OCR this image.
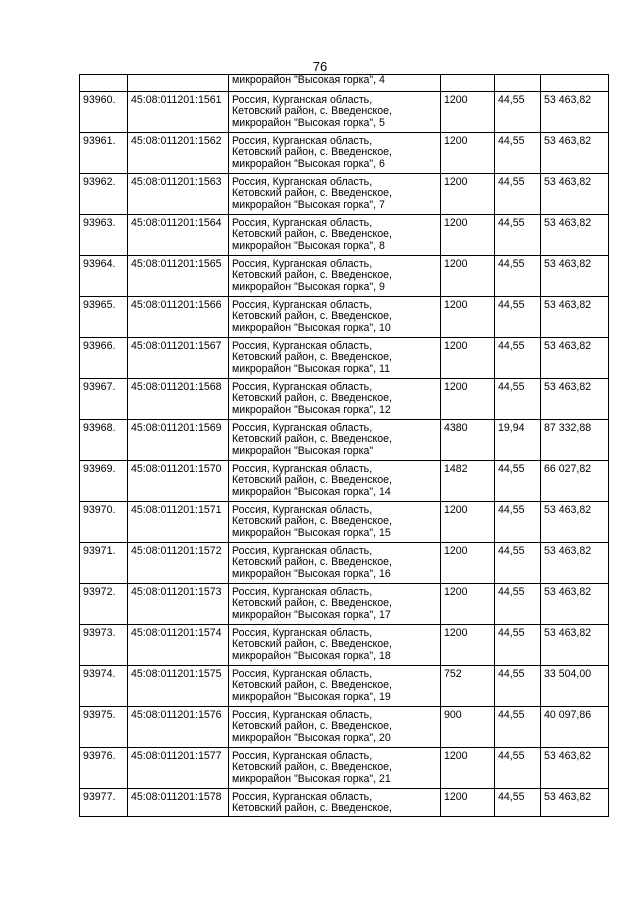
76

		микрорайон "Высокая горка", 4			

93960.	45:08:011201:1561	Россия, Курганская область,
Кетовский район, с. Введенское,
микрорайон "Высокая горка", 5	1200	44,55	53 463,82
93961.	45:08:011201:1562	Россия, Курганская область,
Кетовский район, с. Введенское,
микрорайон "Высокая горка", 6	1200	44,55	53 463,82
93962.	45:08:011201:1563	Россия, Курганская область,
Кетовский район, с. Введенское,
микрорайон "Высокая горка", 7	1200	44,55	53 463,82
93963.	45:08:011201:1564	Россия, Курганская область,
Кетовский район, с. Введенское,
микрорайон "Высокая горка", 8	1200	44,55	53 463,82
93964.	45:08:011201:1565	Россия, Курганская область,
Кетовский район, с. Введенское,
микрорайон "Высокая горка", 9	1200	44,55	53 463,82
93965.	45:08:011201:1566	Россия, Курганская область,
Кетовский район, с. Введенское,
микрорайон "Высокая горка", 10	1200	44,55	53 463,82
93966.	45:08:011201:1567	Россия, Курганская область,
Кетовский район, с. Введенское,
микрорайон "Высокая горка", 11	1200	44,55	53 463,82
93967.	45:08:011201:1568	Россия, Курганская область,
Кетовский район, с. Введенское,
микрорайон "Высокая горка", 12	1200	44,55	53 463,82
93968.	45:08:011201:1569	Россия, Курганская область,
Кетовский район, с. Введенское,
микрорайон "Высокая горка"	4380	19,94	87 332,88
93969.	45:08:011201:1570	Россия, Курганская область,
Кетовский район, с. Введенское,
микрорайон "Высокая горка", 14	1482	44,55	66 027,82
93970.	45:08:011201:1571	Россия, Курганская область,
Кетовский район, с. Введенское,
микрорайон "Высокая горка", 15	1200	44,55	53 463,82
93971.	45:08:011201:1572	Россия, Курганская область,
Кетовский район, с. Введенское,
микрорайон "Высокая горка", 16	1200	44,55	53 463,82
93972.	45:08:011201:1573	Россия, Курганская область,
Кетовский район, с. Введенское,
микрорайон "Высокая горка", 17	1200	44,55	53 463,82
93973.	45:08:011201:1574	Россия, Курганская область,
Кетовский район, с. Введенское,
микрорайон "Высокая горка", 18	1200	44,55	53 463,82
93974.	45:08:011201:1575	Россия, Курганская область,
Кетовский район, с. Введенское,
микрорайон "Высокая горка", 19	752	44,55	33 504,00
93975.	45:08:011201:1576	Россия, Курганская область,
Кетовский район, с. Введенское,
микрорайон "Высокая горка", 20	900	44,55	40 097,86
93976.	45:08:011201:1577	Россия, Курганская область,
Кетовский район, с. Введенское,
микрорайон "Высокая горка", 21	1200	44,55	53 463,82
93977.	45:08:011201:1578	Россия, Курганская область,
Кетовский район, с. Введенское,	1200	44,55	53 463,82
